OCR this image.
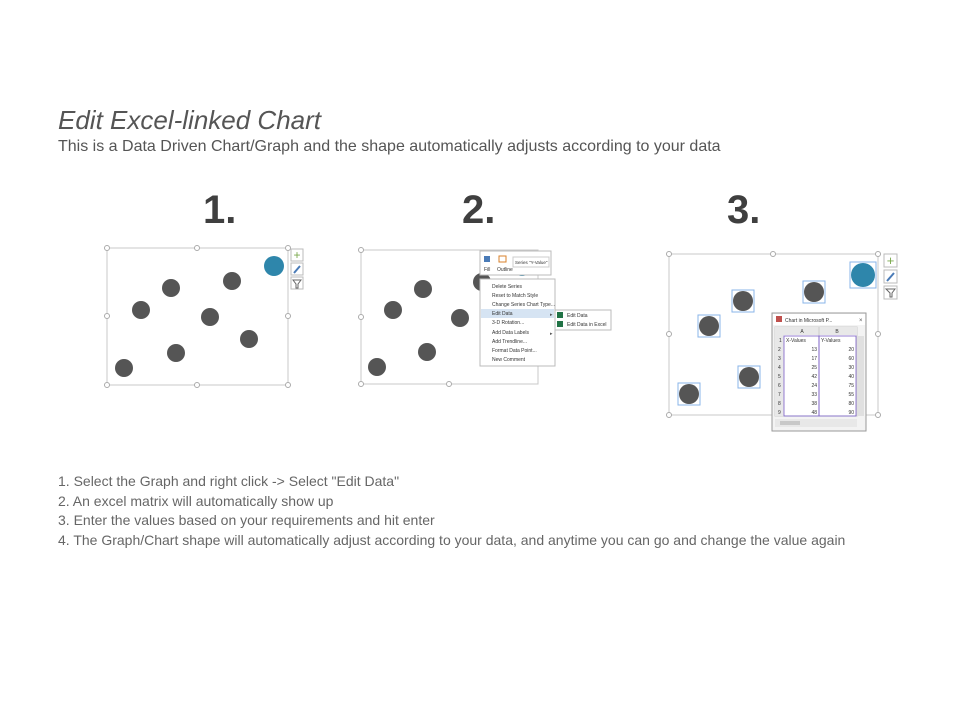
Edit Excel-linked Chart
This is a Data Driven Chart/Graph and the shape automatically adjusts according to your data
1.	2.	3.
+
Fill Outline
Series "Y-Value"
Delete Series
Reset to Match Style
Change Series Chart Type...
Edit Data
3-D Rotation...
Add Data Labels
Add Trendline...
Format Data Point...
New Comment
▸
▸
Edit Data
Edit Data in Excel
+
Chart in Microsoft P...	×
A	B
1 X-Values	Y-Values
2	13	20
3	17	60
4	25	30
5	42	40
6	24	75
7	33	55
8	38	80
9	48	90
1. Select the Graph and right click -> Select "Edit Data"
2. An excel matrix will automatically show up
3. Enter the values based on your requirements and hit enter
4. The Graph/Chart shape will automatically adjust according to your data, and anytime you can go and change the value again
